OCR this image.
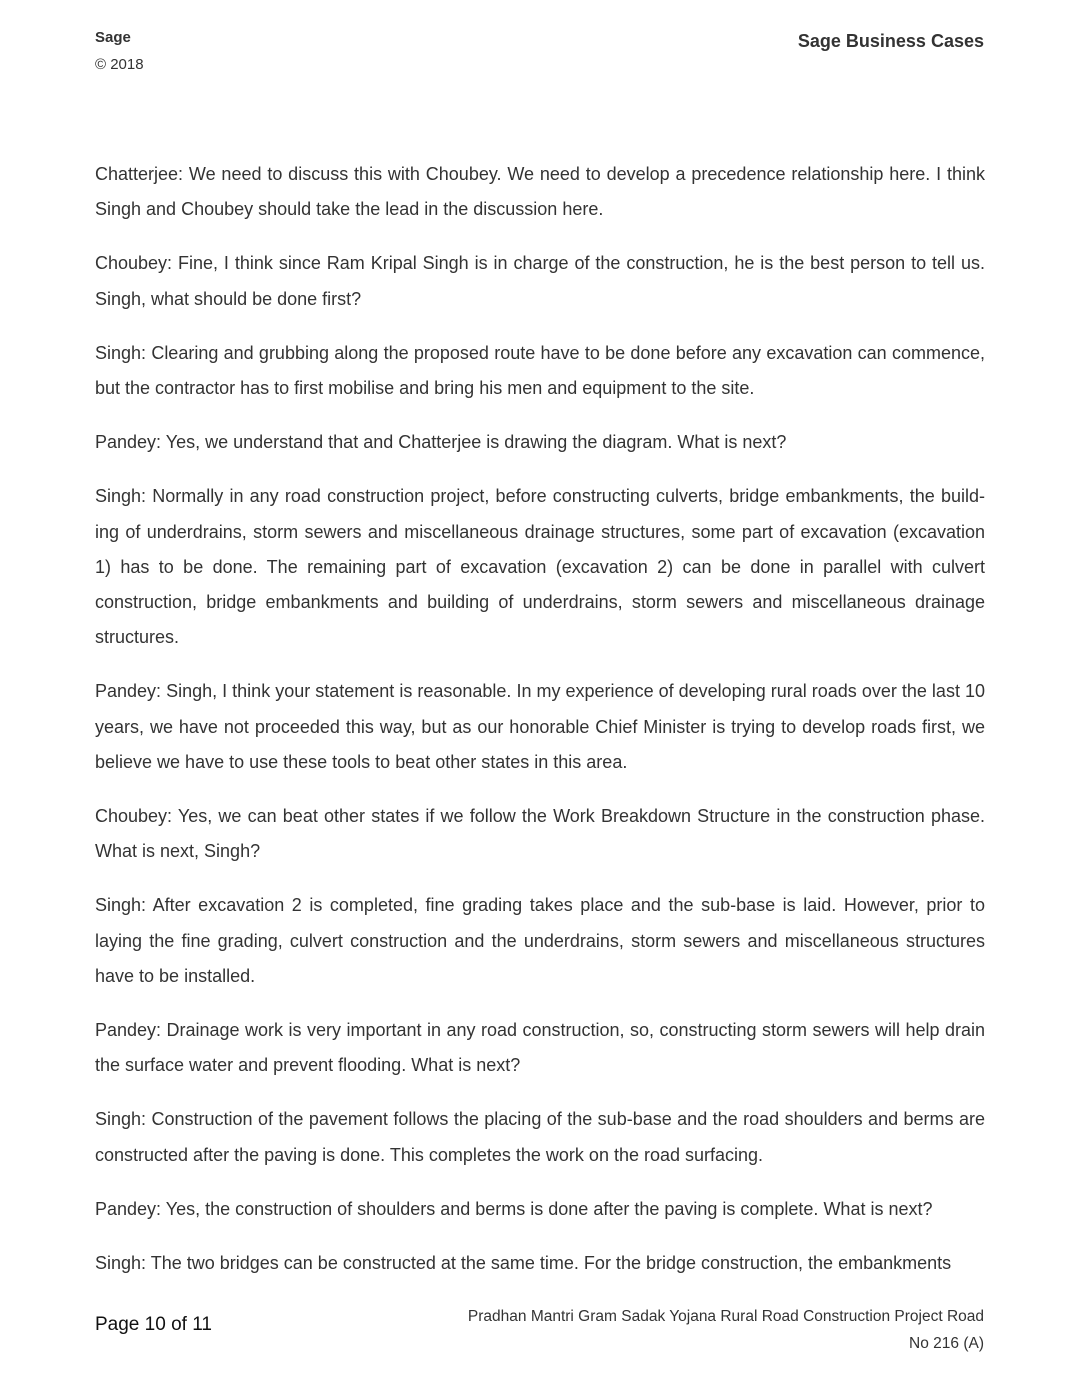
Sage
© 2018
Sage Business Cases

Chatterjee: We need to discuss this with Choubey. We need to develop a precedence relationship here. I think Singh and Choubey should take the lead in the discussion here.

Choubey: Fine, I think since Ram Kripal Singh is in charge of the construction, he is the best person to tell us. Singh, what should be done first?

Singh: Clearing and grubbing along the proposed route have to be done before any excavation can commence, but the contractor has to first mobilise and bring his men and equipment to the site.

Pandey: Yes, we understand that and Chatterjee is drawing the diagram. What is next?

Singh: Normally in any road construction project, before constructing culverts, bridge embankments, the building of underdrains, storm sewers and miscellaneous drainage structures, some part of excavation (excavation 1) has to be done. The remaining part of excavation (excavation 2) can be done in parallel with culvert construction, bridge embankments and building of underdrains, storm sewers and miscellaneous drainage structures.

Pandey: Singh, I think your statement is reasonable. In my experience of developing rural roads over the last 10 years, we have not proceeded this way, but as our honorable Chief Minister is trying to develop roads first, we believe we have to use these tools to beat other states in this area.

Choubey: Yes, we can beat other states if we follow the Work Breakdown Structure in the construction phase. What is next, Singh?

Singh: After excavation 2 is completed, fine grading takes place and the sub-base is laid. However, prior to laying the fine grading, culvert construction and the underdrains, storm sewers and miscellaneous structures have to be installed.

Pandey: Drainage work is very important in any road construction, so, constructing storm sewers will help drain the surface water and prevent flooding. What is next?

Singh: Construction of the pavement follows the placing of the sub-base and the road shoulders and berms are constructed after the paving is done. This completes the work on the road surfacing.

Pandey: Yes, the construction of shoulders and berms is done after the paving is complete. What is next?

Singh: The two bridges can be constructed at the same time. For the bridge construction, the embankments

Page 10 of 11	Pradhan Mantri Gram Sadak Yojana Rural Road Construction Project Road
No 216 (A)
